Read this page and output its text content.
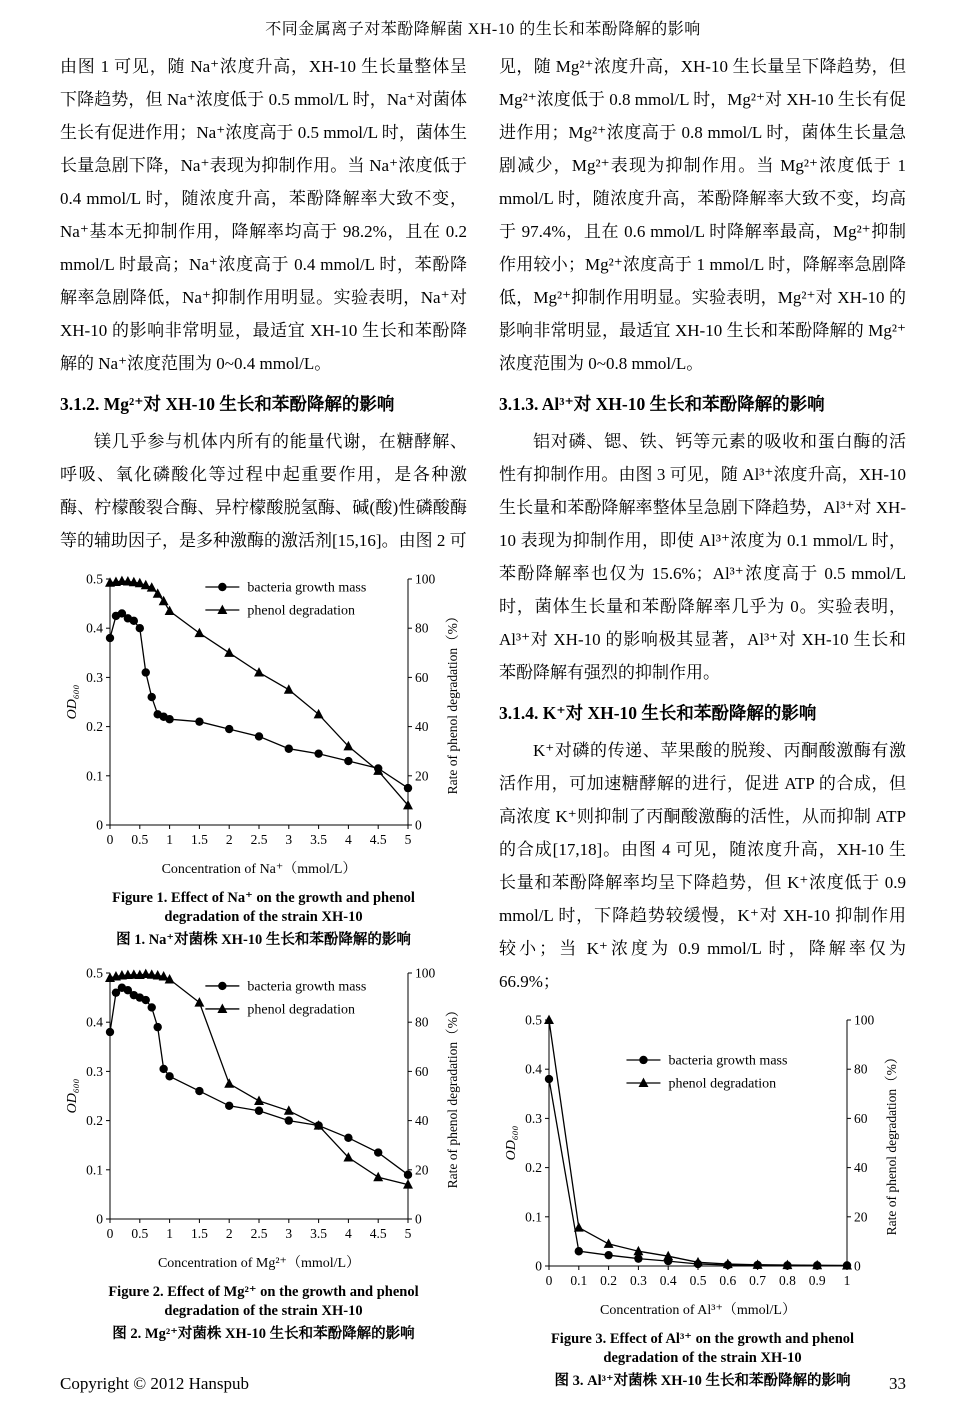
不同金属离子对苯酚降解菌 XH-10 的生长和苯酚降解的影响

由图 1 可见，随 Na⁺浓度升高，XH-10 生长量整体呈下降趋势，但 Na⁺浓度低于 0.5 mmol/L 时，Na⁺对菌体生长有促进作用；Na⁺浓度高于 0.5 mmol/L 时，菌体生长量急剧下降，Na⁺表现为抑制作用。当 Na⁺浓度低于 0.4 mmol/L 时，随浓度升高，苯酚降解率大致不变，Na⁺基本无抑制作用，降解率均高于 98.2%，且在 0.2 mmol/L 时最高；Na⁺浓度高于 0.4 mmol/L 时，苯酚降解率急剧降低，Na⁺抑制作用明显。实验表明，Na⁺对 XH-10 的影响非常明显，最适宜 XH-10 生长和苯酚降解的 Na⁺浓度范围为 0~0.4 mmol/L。

3.1.2. Mg²⁺对 XH-10 生长和苯酚降解的影响

镁几乎参与机体内所有的能量代谢，在糖酵解、呼吸、氧化磷酸化等过程中起重要作用，是各种激酶、柠檬酸裂合酶、异柠檬酸脱氢酶、碱(酸)性磷酸酶等的辅助因子，是多种激酶的激活剂[15,16]。由图 2 可

0
0.1
0.2
0.3
0.4
0.5
0
20
40
60
80
100
0 0.5 1 1.5 2 2.5 3 3.5 4 4.5 5
bacteria growth mass
phenol degradation
Concentration of Na⁺（mmol/L）
OD₆₀₀	Rate of phenol degradation（%）
Figure 1. Effect of Na⁺ on the growth and phenol degradation of the strain XH-10
图 1. Na⁺对菌株 XH-10 生长和苯酚降解的影响
0
0.1
0.2
0.3
0.4
0.5
0
20
40
60
80
100
0 0.5 1 1.5 2 2.5 3 3.5 4 4.5 5
bacteria growth mass
phenol degradation
Concentration of Mg²⁺（mmol/L）
OD₆₀₀	Rate of phenol degradation（%）
Figure 2. Effect of Mg²⁺ on the growth and phenol degradation of the strain XH-10
图 2. Mg²⁺对菌株 XH-10 生长和苯酚降解的影响

见，随 Mg²⁺浓度升高，XH-10 生长量呈下降趋势，但 Mg²⁺浓度低于 0.8 mmol/L 时，Mg²⁺对 XH-10 生长有促进作用；Mg²⁺浓度高于 0.8 mmol/L 时，菌体生长量急剧减少，Mg²⁺表现为抑制作用。当 Mg²⁺浓度低于 1 mmol/L 时，随浓度升高，苯酚降解率大致不变，均高于 97.4%，且在 0.6 mmol/L 时降解率最高，Mg²⁺抑制作用较小；Mg²⁺浓度高于 1 mmol/L 时，降解率急剧降低，Mg²⁺抑制作用明显。实验表明，Mg²⁺对 XH-10 的影响非常明显，最适宜 XH-10 生长和苯酚降解的 Mg²⁺浓度范围为 0~0.8 mmol/L。

3.1.3. Al³⁺对 XH-10 生长和苯酚降解的影响

铝对磷、锶、铁、钙等元素的吸收和蛋白酶的活性有抑制作用。由图 3 可见，随 Al³⁺浓度升高，XH-10 生长量和苯酚降解率整体呈急剧下降趋势，Al³⁺对 XH-10 表现为抑制作用，即使 Al³⁺浓度为 0.1 mmol/L 时，苯酚降解率也仅为 15.6%；Al³⁺浓度高于 0.5 mmol/L 时，菌体生长量和苯酚降解率几乎为 0。实验表明，Al³⁺对 XH-10 的影响极其显著，Al³⁺对 XH-10 生长和苯酚降解有强烈的抑制作用。

3.1.4. K⁺对 XH-10 生长和苯酚降解的影响

K⁺对磷的传递、苹果酸的脱羧、丙酮酸激酶有激活作用，可加速糖酵解的进行，促进 ATP 的合成，但高浓度 K⁺则抑制了丙酮酸激酶的活性，从而抑制 ATP 的合成[17,18]。由图 4 可见，随浓度升高，XH-10 生长量和苯酚降解率均呈下降趋势，但 K⁺浓度低于 0.9 mmol/L 时，下降趋势较缓慢，K⁺对 XH-10 抑制作用较小；当 K⁺浓度为 0.9 mmol/L 时，降解率仅为 66.9%；

0
0.1
0.2
0.3
0.4
0.5
0
20
40
60
80
100
0 0.1 0.2 0.3 0.4 0.5 0.6 0.7 0.8 0.9 1
bacteria growth mass
phenol degradation
Concentration of Al³⁺（mmol/L）
OD₆₀₀	Rate of phenol degradation（%）
Figure 3. Effect of Al³⁺ on the growth and phenol degradation of the strain XH-10
图 3. Al³⁺对菌株 XH-10 生长和苯酚降解的影响
Copyright © 2012 Hanspub	33
